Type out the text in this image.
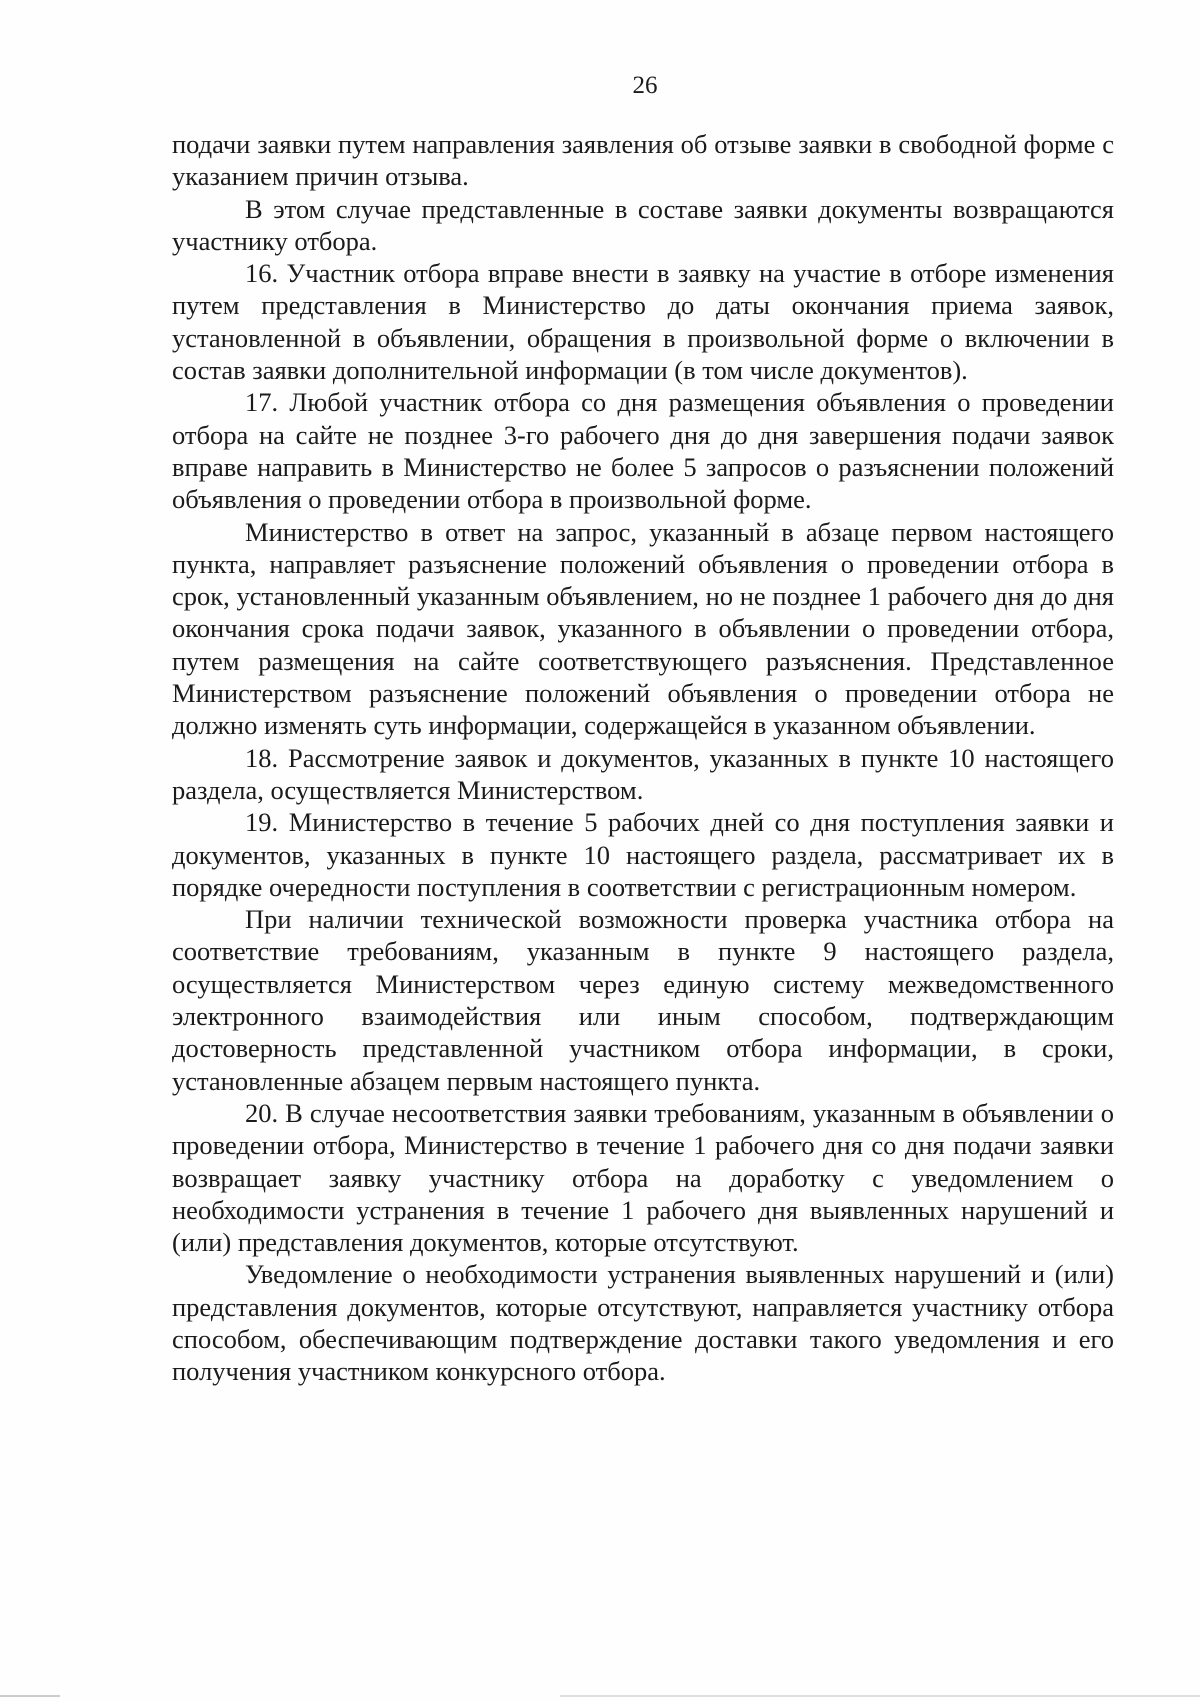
26

подачи заявки путем направления заявления об отзыве заявки в свободной форме с указанием причин отзыва.

В этом случае представленные в составе заявки документы возвращаются участнику отбора.

16. Участник отбора вправе внести в заявку на участие в отборе изменения путем представления в Министерство до даты окончания приема заявок, установленной в объявлении, обращения в произвольной форме о включении в состав заявки дополнительной информации (в том числе документов).

17. Любой участник отбора со дня размещения объявления о проведении отбора на сайте не позднее 3-го рабочего дня до дня завершения подачи заявок вправе направить в Министерство не более 5 запросов о разъяснении положений объявления о проведении отбора в произвольной форме.

Министерство в ответ на запрос, указанный в абзаце первом настоящего пункта, направляет разъяснение положений объявления о проведении отбора в срок, установленный указанным объявлением, но не позднее 1 рабочего дня до дня окончания срока подачи заявок, указанного в объявлении о проведении отбора, путем размещения на сайте соответствующего разъяснения. Представленное Министерством разъяснение положений объявления о проведении отбора не должно изменять суть информации, содержащейся в указанном объявлении.

18. Рассмотрение заявок и документов, указанных в пункте 10 настоящего раздела, осуществляется Министерством.

19. Министерство в течение 5 рабочих дней со дня поступления заявки и документов, указанных в пункте 10 настоящего раздела, рассматривает их в порядке очередности поступления в соответствии с регистрационным номером.

При наличии технической возможности проверка участника отбора на соответствие требованиям, указанным в пункте 9 настоящего раздела, осуществляется Министерством через единую систему межведомственного электронного взаимодействия или иным способом, подтверждающим достоверность представленной участником отбора информации, в сроки, установленные абзацем первым настоящего пункта.

20. В случае несоответствия заявки требованиям, указанным в объявлении о проведении отбора, Министерство в течение 1 рабочего дня со дня подачи заявки возвращает заявку участнику отбора на доработку с уведомлением о необходимости устранения в течение 1 рабочего дня выявленных нарушений и (или) представления документов, которые отсутствуют.

Уведомление о необходимости устранения выявленных нарушений и (или) представления документов, которые отсутствуют, направляется участнику отбора способом, обеспечивающим подтверждение доставки такого уведомления и его получения участником конкурсного отбора.
